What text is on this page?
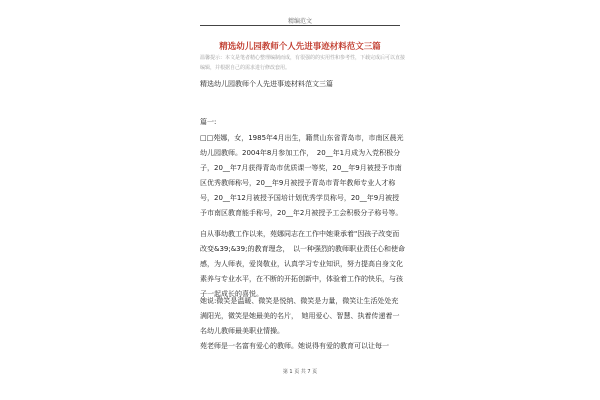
精编范文
精选幼儿园教师个人先进事迹材料范文三篇
温馨提示：本文是笔者精心整理编制而成，有很强的的实用性和参考性，下载完成后可以直接编辑，并根据自己的需求进行修改套用。
精选幼儿园教师个人先进事迹材料范文三篇
篇一:
□□苑娜，女，1985年4月出生，籍贯山东省青岛市，市南区晨光幼儿园教师。2004年8月参加工作，　20__年1月成为入党积极分子，20__年7月获得青岛市优质课一等奖，20__年9月被授予市南区优秀教师称号，20__年9月被授予青岛市青年教师专业人才称号，20__年12月被授予国培计划优秀学员称号，20__年9月被授予市南区教育能手称号，20__年2月被授予工会积极分子称号等。
自从事幼教工作以来，苑娜同志在工作中她秉承着"因孩子改变而改变&39;&39;的教育理念，　以一种强烈的教师职业责任心和使命感，为人师表，爱岗敬业，认真学习专业知识，努力提高自身文化素养与专业水平，在不断的开拓创新中，体验着工作的快乐，与孩子一起成长的喜悦。
她说:微笑是温暖、微笑是悦纳、微笑是力量，微笑让生活处处充满阳光，微笑是她最美的名片，　她用爱心、智慧、执着传递着一名幼儿教师最美职业情操。
苑老师是一名富有爱心的教师。她说得有爱的教育可以让每一
第 1 页 共 7 页
